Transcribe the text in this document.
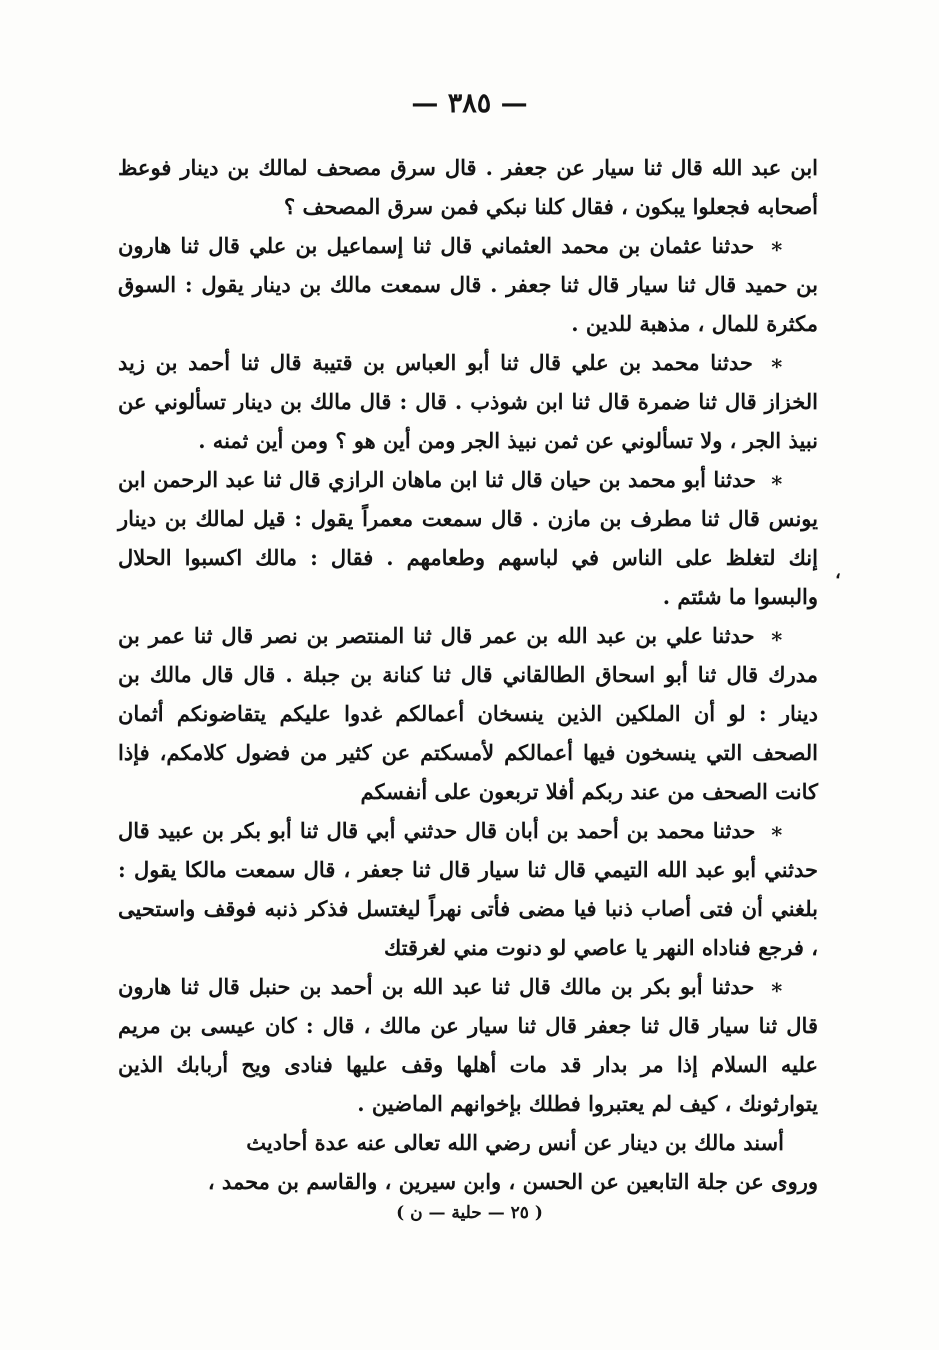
— ٣٨٥ —

ابن عبد الله قال ثنا سيار عن جعفر . قال سرق مصحف لمالك بن دينار فوعظ أصحابه فجعلوا يبكون ، فقال كلنا نبكي فمن سرق المصحف ؟

∗ حدثنا عثمان بن محمد العثماني قال ثنا إسماعيل بن علي قال ثنا هارون بن حميد قال ثنا سيار قال ثنا جعفر . قال سمعت مالك بن دينار يقول : السوق مكثرة للمال ، مذهبة للدين .

∗ حدثنا محمد بن علي قال ثنا أبو العباس بن قتيبة قال ثنا أحمد بن زيد الخزاز قال ثنا ضمرة قال ثنا ابن شوذب . قال : قال مالك بن دينار تسألوني عن نبيذ الجر ، ولا تسألوني عن ثمن نبيذ الجر ومن أين هو ؟ ومن أين ثمنه .

∗ حدثنا أبو محمد بن حيان قال ثنا ابن ماهان الرازي قال ثنا عبد الرحمن ابن يونس قال ثنا مطرف بن مازن . قال سمعت معمراً يقول : قيل لمالك بن دينار إنك لتغلظ على الناس في لباسهم وطعامهم . فقال : مالك اكسبوا الحلال والبسوا ما شئتم .

∗ حدثنا علي بن عبد الله بن عمر قال ثنا المنتصر بن نصر قال ثنا عمر بن مدرك قال ثنا أبو اسحاق الطالقاني قال ثنا كنانة بن جبلة . قال قال مالك بن دينار : لو أن الملكين الذين ينسخان أعمالكم غدوا عليكم يتقاضونكم أثمان الصحف التي ينسخون فيها أعمالكم لأمسكتم عن كثير من فضول كلامكم، فإذا كانت الصحف من عند ربكم أفلا تربعون على أنفسكم

∗ حدثنا محمد بن أحمد بن أبان قال حدثني أبي قال ثنا أبو بكر بن عبيد قال حدثني أبو عبد الله التيمي قال ثنا سيار قال ثنا جعفر ، قال سمعت مالكا يقول : بلغني أن فتى أصاب ذنبا فيا مضى فأتى نهراً ليغتسل فذكر ذنبه فوقف واستحيى ، فرجع فناداه النهر يا عاصي لو دنوت مني لغرقتك

∗ حدثنا أبو بكر بن مالك قال ثنا عبد الله بن أحمد بن حنبل قال ثنا هارون قال ثنا سيار قال ثنا جعفر قال ثنا سيار عن مالك ، قال : كان عيسى بن مريم عليه السلام إذا مر بدار قد مات أهلها وقف عليها فنادى ويح أربابك الذين يتوارثونك ، كيف لم يعتبروا فطلك بإخوانهم الماضين .

أسند مالك بن دينار عن أنس رضي الله تعالى عنه عدة أحاديث

وروى عن جلة التابعين عن الحسن ، وابن سيرين ، والقاسم بن محمد ،

،
( ٢٥ — حلية — ن )
